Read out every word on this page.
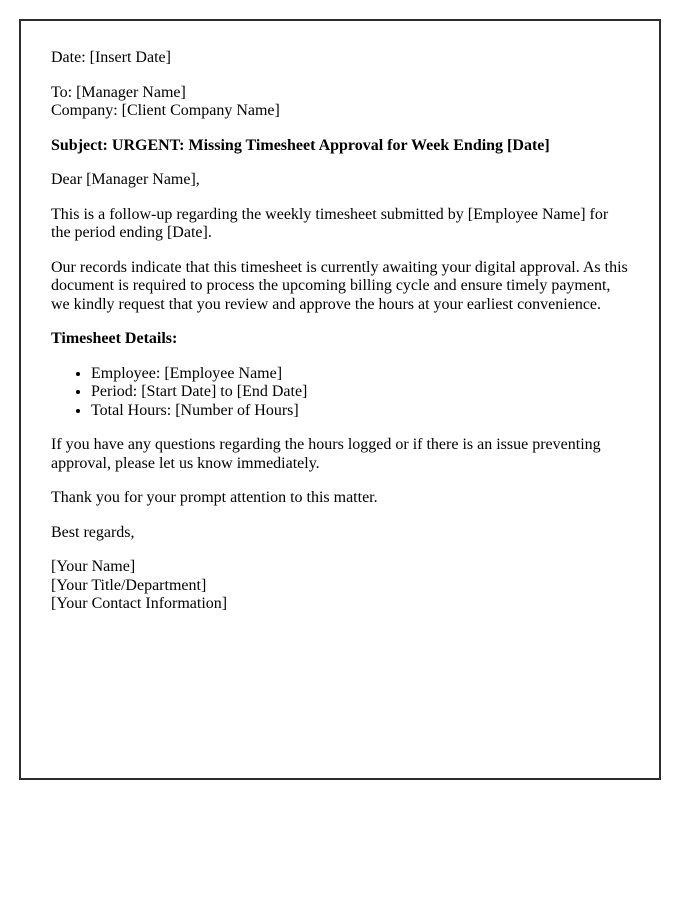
Date: [Insert Date]

To: [Manager Name]
Company: [Client Company Name]

Subject: URGENT: Missing Timesheet Approval for Week Ending [Date]

Dear [Manager Name],

This is a follow-up regarding the weekly timesheet submitted by [Employee Name] for the period ending [Date].

Our records indicate that this timesheet is currently awaiting your digital approval. As this document is required to process the upcoming billing cycle and ensure timely payment, we kindly request that you review and approve the hours at your earliest convenience.

Timesheet Details:

• Employee: [Employee Name]
• Period: [Start Date] to [End Date]
• Total Hours: [Number of Hours]

If you have any questions regarding the hours logged or if there is an issue preventing approval, please let us know immediately.

Thank you for your prompt attention to this matter.

Best regards,

[Your Name]
[Your Title/Department]
[Your Contact Information]
